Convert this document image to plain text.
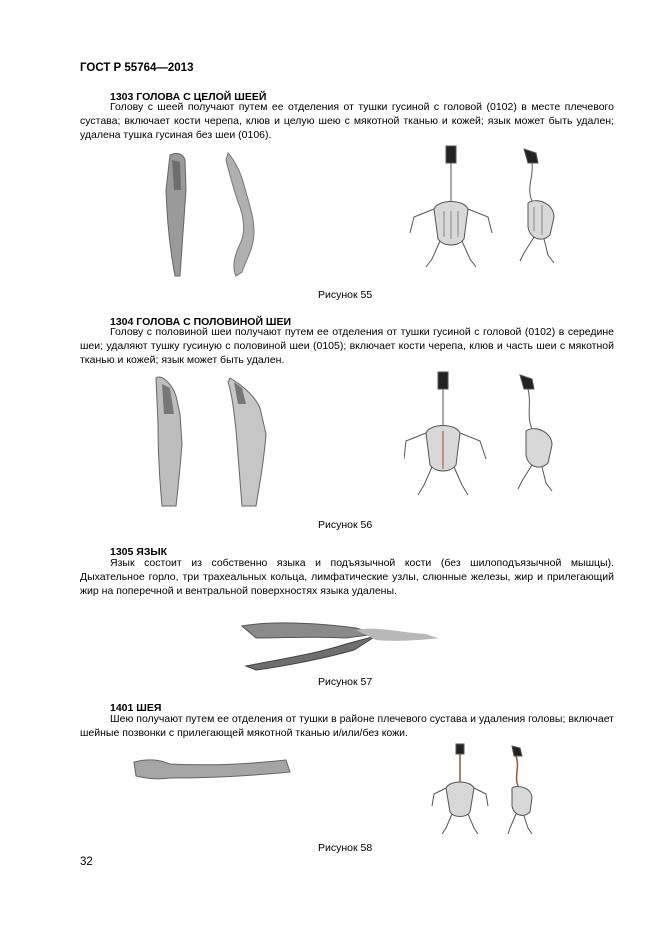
ГОСТ Р 55764—2013
1303 ГОЛОВА С ЦЕЛОЙ ШЕЕЙ

Голову с шеей получают путем ее отделения от тушки гусиной с головой (0102) в месте плечевого сустава; включает кости черепа, клюв и целую шею с мякотной тканью и кожей; язык может быть удален; удалена тушка гусиная без шеи (0106).

Рисунок 55
1304 ГОЛОВА С ПОЛОВИНОЙ ШЕИ

Голову с половиной шеи получают путем ее отделения от тушки гусиной с головой (0102) в середине шеи; удаляют тушку гусиную с половиной шеи (0105); включает кости черепа, клюв и часть шеи с мякотной тканью и кожей; язык может быть удален.

Рисунок 56
1305 ЯЗЫК

Язык состоит из собственно языка и подъязычной кости (без шилоподъязычной мышцы). Дыхательное горло, три трахеальных кольца, лимфатические узлы, слюнные железы, жир и прилегающий жир на поперечной и вентральной поверхностях языка удалены.

Рисунок 57
1401 ШЕЯ

Шею получают путем ее отделения от тушки в районе плечевого сустава и удаления головы; включает шейные позвонки с прилегающей мякотной тканью и/или/без кожи.

Рисунок 58
32
